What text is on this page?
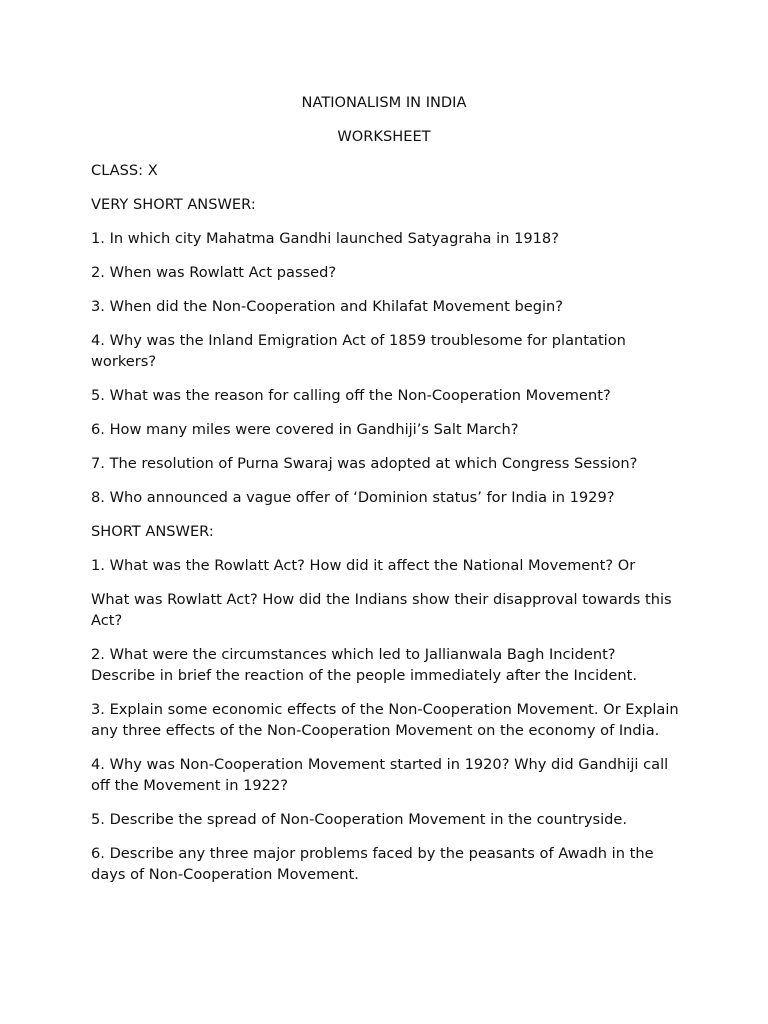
NATIONALISM IN INDIA

WORKSHEET

CLASS: X

VERY SHORT ANSWER:

1. In which city Mahatma Gandhi launched Satyagraha in 1918?

2. When was Rowlatt Act passed?

3. When did the Non-Cooperation and Khilafat Movement begin?

4. Why was the Inland Emigration Act of 1859 troublesome for plantation workers?

5. What was the reason for calling off the Non-Cooperation Movement?

6. How many miles were covered in Gandhiji’s Salt March?

7. The resolution of Purna Swaraj was adopted at which Congress Session?

8. Who announced a vague offer of ‘Dominion status’ for India in 1929?

SHORT ANSWER:

1. What was the Rowlatt Act? How did it affect the National Movement? Or

What was Rowlatt Act? How did the Indians show their disapproval towards this Act?

2. What were the circumstances which led to Jallianwala Bagh Incident? Describe in brief the reaction of the people immediately after the Incident.

3. Explain some economic effects of the Non-Cooperation Movement. Or Explain any three effects of the Non-Cooperation Movement on the economy of India.

4. Why was Non-Cooperation Movement started in 1920? Why did Gandhiji call off the Movement in 1922?

5. Describe the spread of Non-Cooperation Movement in the countryside.

6. Describe any three major problems faced by the peasants of Awadh in the days of Non-Cooperation Movement.
